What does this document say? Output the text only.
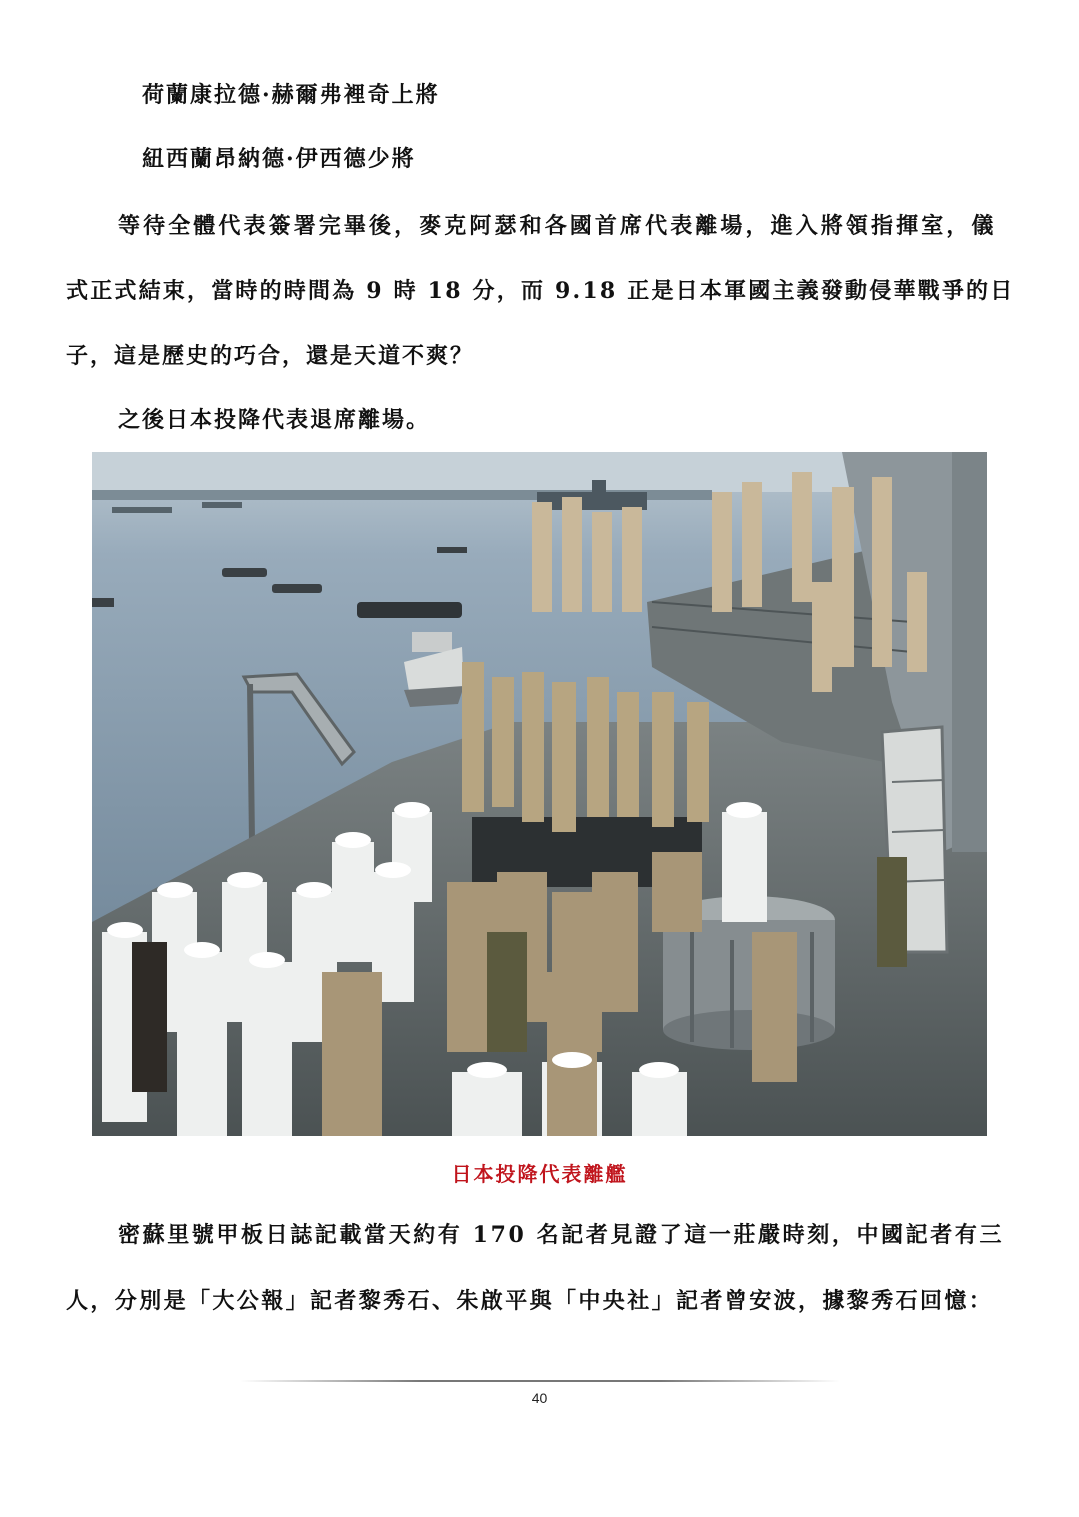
荷蘭康拉德·赫爾弗裡奇上將
紐西蘭昂納德·伊西德少將
等待全體代表簽署完畢後，麥克阿瑟和各國首席代表離場，進入將領指揮室，儀
式正式結束，當時的時間為 9 時 18 分，而 9.18 正是日本軍國主義發動侵華戰爭的日
子，這是歷史的巧合，還是天道不爽？
之後日本投降代表退席離場。
日本投降代表離艦
密蘇里號甲板日誌記載當天約有 170 名記者見證了這一莊嚴時刻，中國記者有三
人，分別是「大公報」記者黎秀石、朱啟平與「中央社」記者曾安波，據黎秀石回憶：
40
